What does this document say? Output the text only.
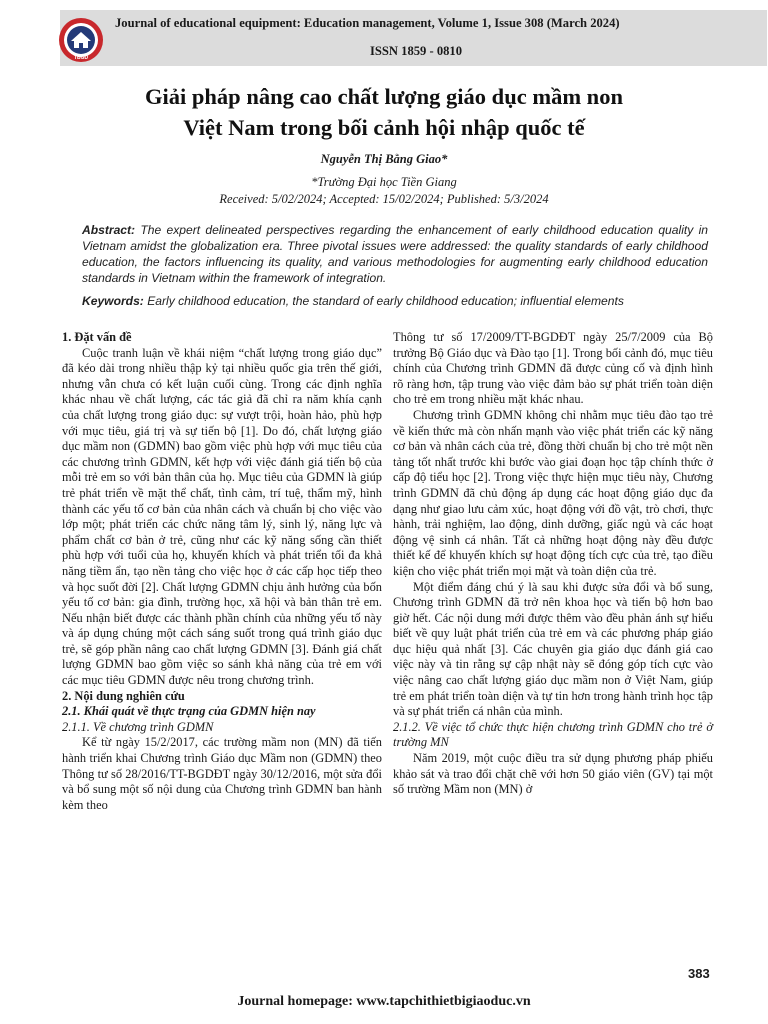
TBGD
Journal of educational equipment: Education management, Volume 1, Issue 308 (March 2024)
ISSN 1859 - 0810
Giải pháp nâng cao chất lượng giáo dục mầm non
Việt Nam trong bối cảnh hội nhập quốc tế
Nguyễn Thị Bằng Giao*
*Trường Đại học Tiền Giang
Received: 5/02/2024; Accepted: 15/02/2024; Published: 5/3/2024
Abstract: The expert delineated perspectives regarding the enhancement of early childhood education quality in Vietnam amidst the globalization era. Three pivotal issues were addressed: the quality standards of early childhood education, the factors influencing its quality, and various methodologies for augmenting early childhood education standards in Vietnam within the framework of integration.
Keywords: Early childhood education, the standard of early childhood education; influential elements
1. Đặt vấn đề

Cuộc tranh luận về khái niệm “chất lượng trong giáo dục” đã kéo dài trong nhiều thập kỷ tại nhiều quốc gia trên thế giới, nhưng vẫn chưa có kết luận cuối cùng. Trong các định nghĩa khác nhau về chất lượng, các tác giả đã chỉ ra năm khía cạnh của chất lượng trong giáo dục: sự vượt trội, hoàn hảo, phù hợp với mục tiêu, giá trị và sự tiến bộ [1]. Do đó, chất lượng giáo dục mầm non (GDMN) bao gồm việc phù hợp với mục tiêu của các chương trình GDMN, kết hợp với việc đánh giá tiến bộ của mỗi trẻ em so với bản thân của họ. Mục tiêu của GDMN là giúp trẻ phát triển về mặt thể chất, tình cảm, trí tuệ, thẩm mỹ, hình thành các yếu tố cơ bản của nhân cách và chuẩn bị cho việc vào lớp một; phát triển các chức năng tâm lý, sinh lý, năng lực và phẩm chất cơ bản ở trẻ, cũng như các kỹ năng sống cần thiết phù hợp với tuổi của họ, khuyến khích và phát triển tối đa khả năng tiềm ẩn, tạo nền tảng cho việc học ở các cấp học tiếp theo và học suốt đời [2]. Chất lượng GDMN chịu ảnh hưởng của bốn yếu tố cơ bản: gia đình, trường học, xã hội và bản thân trẻ em. Nếu nhận biết được các thành phần chính của những yếu tố này và áp dụng chúng một cách sáng suốt trong quá trình giáo dục trẻ, sẽ góp phần nâng cao chất lượng GDMN [3]. Đánh giá chất lượng GDMN bao gồm việc so sánh khả năng của trẻ em với các mục tiêu GDMN được nêu trong chương trình.

2. Nội dung nghiên cứu
2.1. Khái quát về thực trạng của GDMN hiện nay
2.1.1. Về chương trình GDMN

Kể từ ngày 15/2/2017, các trường mầm non (MN) đã tiến hành triển khai Chương trình Giáo dục Mầm non (GDMN) theo Thông tư số 28/2016/TT-BGDĐT ngày 30/12/2016, một sửa đổi và bổ sung một số nội dung của Chương trình GDMN ban hành kèm theo

Thông tư số 17/2009/TT-BGDĐT ngày 25/7/2009 của Bộ trưởng Bộ Giáo dục và Đào tạo [1]. Trong bối cảnh đó, mục tiêu chính của Chương trình GDMN đã được củng cố và định hình rõ ràng hơn, tập trung vào việc đảm bảo sự phát triển toàn diện cho trẻ em trong nhiều mặt khác nhau.

Chương trình GDMN không chỉ nhằm mục tiêu đào tạo trẻ về kiến thức mà còn nhấn mạnh vào việc phát triển các kỹ năng cơ bản và nhân cách của trẻ, đồng thời chuẩn bị cho trẻ một nền tảng tốt nhất trước khi bước vào giai đoạn học tập chính thức ở cấp độ tiểu học [2]. Trong việc thực hiện mục tiêu này, Chương trình GDMN đã chủ động áp dụng các hoạt động giáo dục đa dạng như giao lưu cảm xúc, hoạt động với đồ vật, trò chơi, thực hành, trải nghiệm, lao động, dinh dưỡng, giấc ngủ và các hoạt động vệ sinh cá nhân. Tất cả những hoạt động này đều được thiết kế để khuyến khích sự hoạt động tích cực của trẻ, tạo điều kiện cho việc phát triển mọi mặt và toàn diện của trẻ.

Một điểm đáng chú ý là sau khi được sửa đổi và bổ sung, Chương trình GDMN đã trở nên khoa học và tiến bộ hơn bao giờ hết. Các nội dung mới được thêm vào đều phản ánh sự hiểu biết về quy luật phát triển của trẻ em và các phương pháp giáo dục hiệu quả nhất [3]. Các chuyên gia giáo dục đánh giá cao việc này và tin rằng sự cập nhật này sẽ đóng góp tích cực vào việc nâng cao chất lượng giáo dục mầm non ở Việt Nam, giúp trẻ em phát triển toàn diện và tự tin hơn trong hành trình học tập và sự phát triển cá nhân của mình.

2.1.2. Về việc tổ chức thực hiện chương trình GDMN cho trẻ ở trường MN

Năm 2019, một cuộc điều tra sử dụng phương pháp phiếu khảo sát và trao đổi chặt chẽ với hơn 50 giáo viên (GV) tại một số trường Mầm non (MN) ở

383
Journal homepage: www.tapchithietbigiaoduc.vn
